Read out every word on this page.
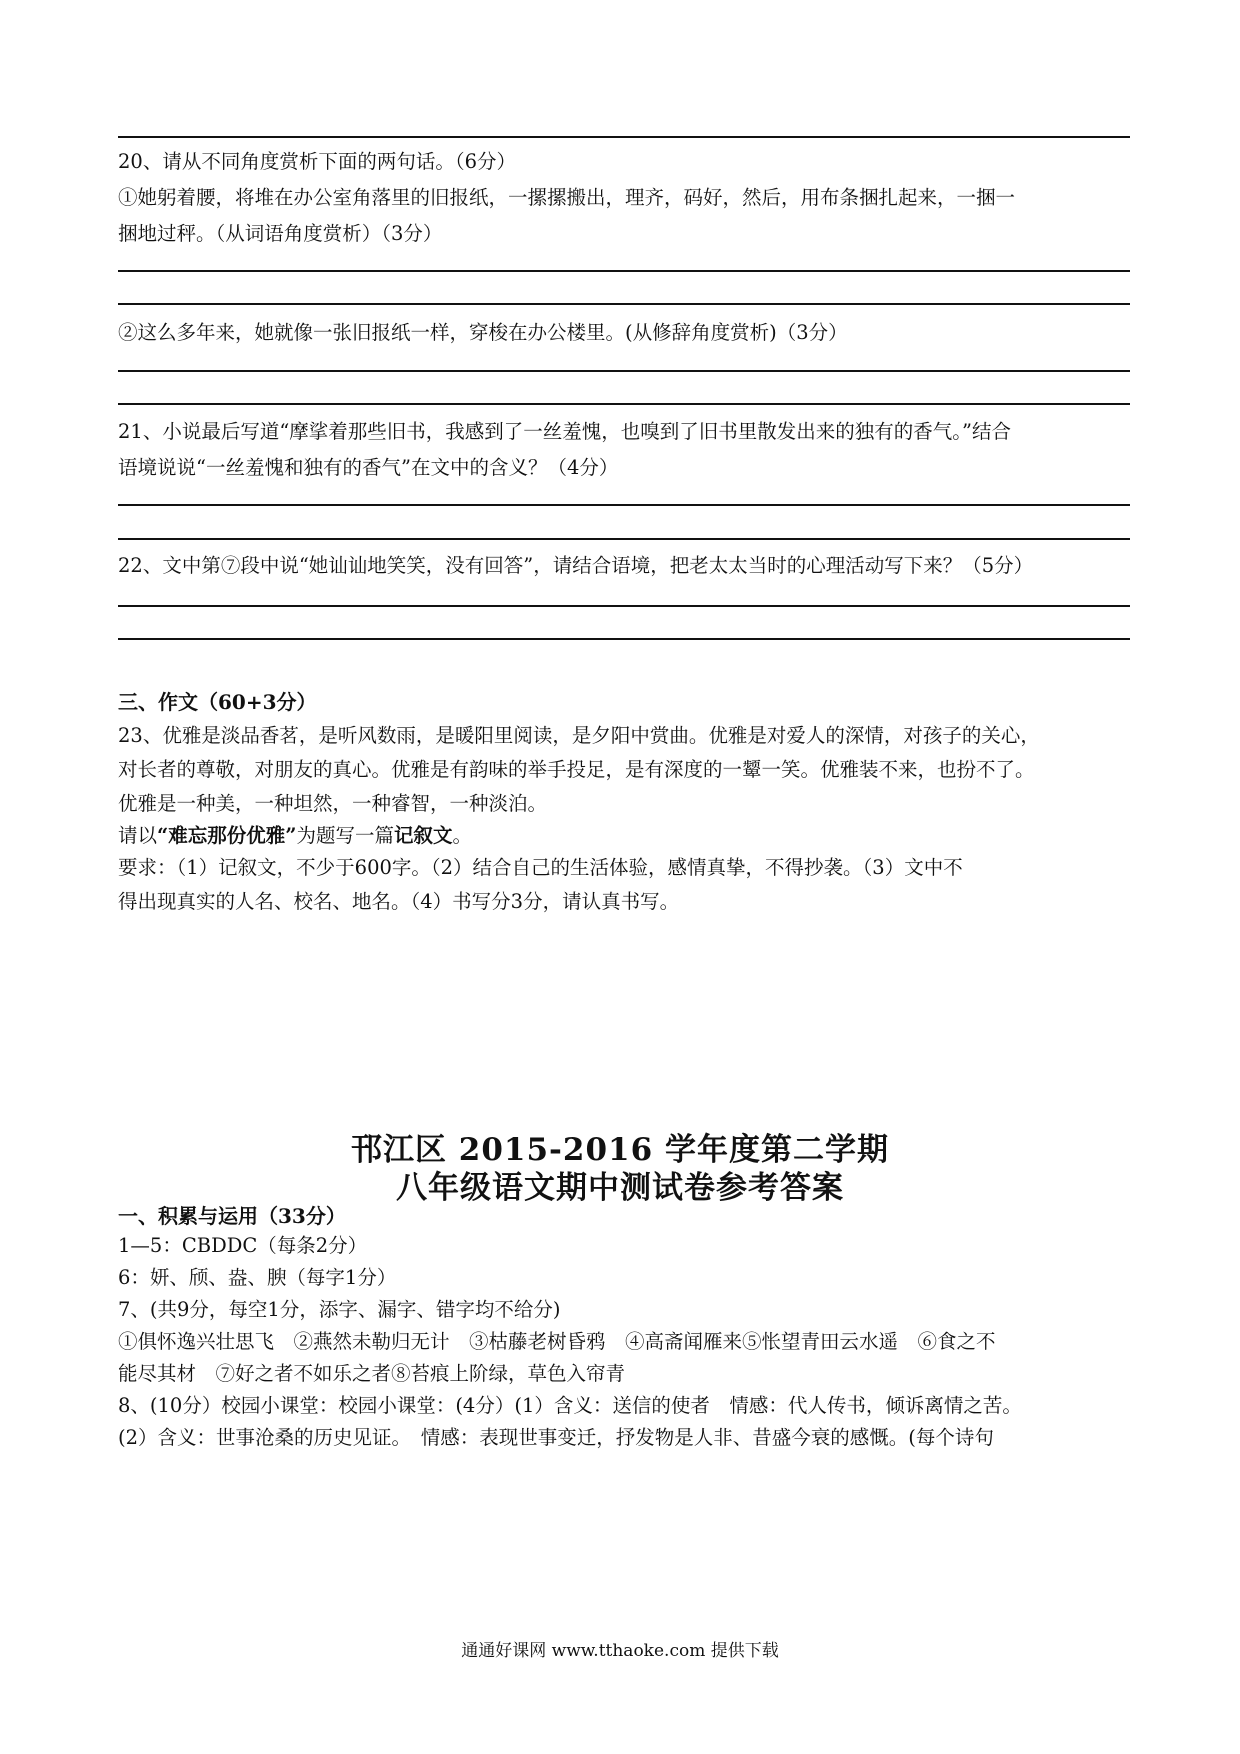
20、请从不同角度赏析下面的两句话。（6分）
①她躬着腰，将堆在办公室角落里的旧报纸，一摞摞搬出，理齐，码好，然后，用布条捆扎起来，一捆一
捆地过秤。（从词语角度赏析）（3分）
②这么多年来，她就像一张旧报纸一样，穿梭在办公楼里。(从修辞角度赏析)（3分）
21、小说最后写道“摩挲着那些旧书，我感到了一丝羞愧，也嗅到了旧书里散发出来的独有的香气。”结合
语境说说“一丝羞愧和独有的香气”在文中的含义？（4分）
22、文中第⑦段中说“她讪讪地笑笑，没有回答”，请结合语境，把老太太当时的心理活动写下来？（5分）
三、作文（60+3分）
23、优雅是淡品香茗，是听风数雨，是暖阳里阅读，是夕阳中赏曲。优雅是对爱人的深情，对孩子的关心，
对长者的尊敬，对朋友的真心。优雅是有韵味的举手投足，是有深度的一颦一笑。优雅装不来，也扮不了。
优雅是一种美，一种坦然，一种睿智，一种淡泊。
请以“难忘那份优雅”为题写一篇记叙文。
要求：（1）记叙文，不少于600字。（2）结合自己的生活体验，感情真挚，不得抄袭。（3）文中不
得出现真实的人名、校名、地名。（4）书写分3分，请认真书写。
邗江区 2015-2016 学年度第二学期
八年级语文期中测试卷参考答案
一、积累与运用（33分）
1—5：CBDDC（每条2分）
6：妍、颀、盎、腴（每字1分）
7、(共9分，每空1分，添字、漏字、错字均不给分)
①俱怀逸兴壮思飞　②燕然未勒归无计　③枯藤老树昏鸦　④高斋闻雁来⑤怅望青田云水遥　⑥食之不
能尽其材　⑦好之者不如乐之者⑧苔痕上阶绿，草色入帘青
8、(10分）校园小课堂：校园小课堂：(4分）(1）含义：送信的使者　情感：代人传书，倾诉离情之苦。
(2）含义：世事沧桑的历史见证。　情感：表现世事变迁，抒发物是人非、昔盛今衰的感慨。(每个诗句
通通好课网 www.tthaoke.com 提供下载
